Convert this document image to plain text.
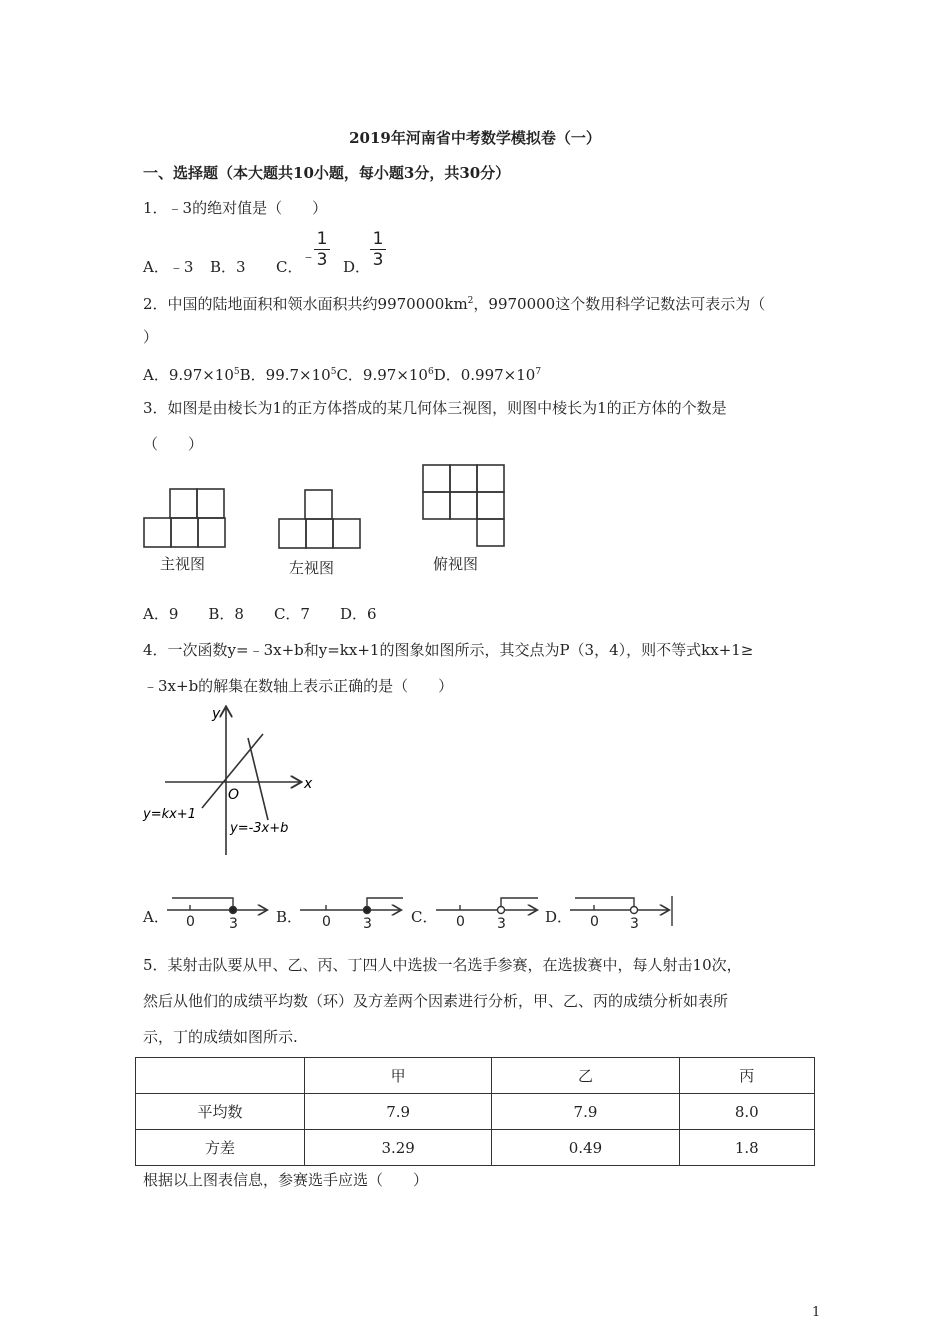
2019年河南省中考数学模拟卷（一）
一、选择题（本大题共10小题，每小题3分，共30分）
1．﹣3的绝对值是（　　）
A．﹣3 B．3 C．
﹣
1
3 D．
1
3
2．中国的陆地面积和领水面积共约$9970000km^2$，9970000这个数用科学记数法可表示为（
）
A．$9.97\times 10^5B$．$99.7\times 10^5C$．$9.97\times 10^6D$．$0.997\times 10^7$
3．如图是由棱长为1的正方体搭成的某几何体三视图，则图中棱长为1的正方体的个数是
（　　）
主视图	左视图	俯视图
A．9　　B．8　　C．7　　D．6
4．一次函数y=﹣3x+b和y=kx+1的图象如图所示，其交点为P（3，4），则不等式kx+1≥
﹣3x+b的解集在数轴上表示正确的是（　　）
y
x
O
y=kx+1
y=-3x+b
A．	B．	C．	D．
0 3	0 3	0 3	0 3
5．某射击队要从甲、乙、丙、丁四人中选拔一名选手参赛，在选拔赛中，每人射击10次，
然后从他们的成绩平均数（环）及方差两个因素进行分析，甲、乙、丙的成绩分析如表所
示，丁的成绩如图所示.
	甲	乙	丙
平均数	7.9	7.9	8.0
方差	3.29	0.49	1.8
根据以上图表信息，参赛选手应选（　　）
1
